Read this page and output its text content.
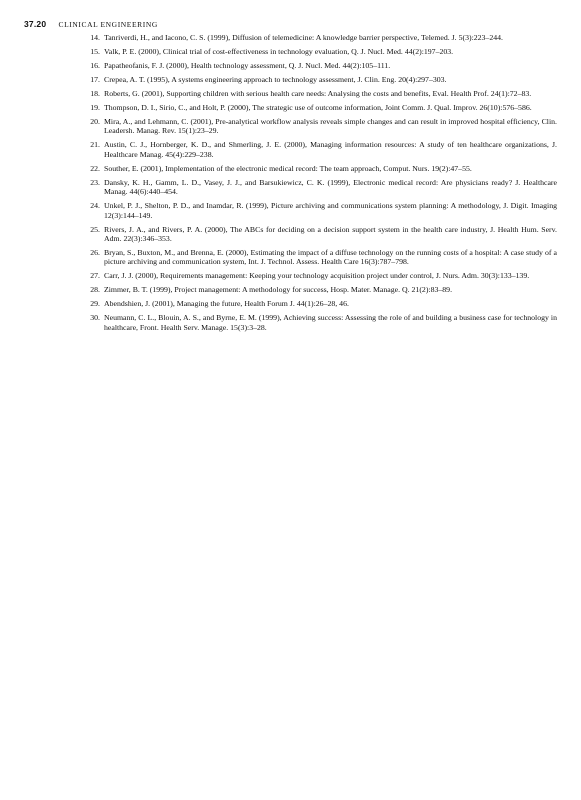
37.20 CLINICAL ENGINEERING
14. Tanriverdi, H., and Iacono, C. S. (1999), Diffusion of telemedicine: A knowledge barrier perspective, Telemed. J. 5(3):223–244.
15. Valk, P. E. (2000), Clinical trial of cost-effectiveness in technology evaluation, Q. J. Nucl. Med. 44(2):197–203.
16. Papatheofanis, F. J. (2000), Health technology assessment, Q. J. Nucl. Med. 44(2):105–111.
17. Crepea, A. T. (1995), A systems engineering approach to technology assessment, J. Clin. Eng. 20(4):297–303.
18. Roberts, G. (2001), Supporting children with serious health care needs: Analysing the costs and benefits, Eval. Health Prof. 24(1):72–83.
19. Thompson, D. I., Sirio, C., and Holt, P. (2000), The strategic use of outcome information, Joint Comm. J. Qual. Improv. 26(10):576–586.
20. Mira, A., and Lehmann, C. (2001), Pre-analytical workflow analysis reveals simple changes and can result in improved hospital efficiency, Clin. Leadersh. Manag. Rev. 15(1):23–29.
21. Austin, C. J., Hornberger, K. D., and Shmerling, J. E. (2000), Managing information resources: A study of ten healthcare organizations, J. Healthcare Manag. 45(4):229–238.
22. Souther, E. (2001), Implementation of the electronic medical record: The team approach, Comput. Nurs. 19(2):47–55.
23. Dansky, K. H., Gamm, L. D., Vasey, J. J., and Barsukiewicz, C. K. (1999), Electronic medical record: Are physicians ready? J. Healthcare Manag. 44(6):440–454.
24. Unkel, P. J., Shelton, P. D., and Inamdar, R. (1999), Picture archiving and communications system planning: A methodology, J. Digit. Imaging 12(3):144–149.
25. Rivers, J. A., and Rivers, P. A. (2000), The ABCs for deciding on a decision support system in the health care industry, J. Health Hum. Serv. Adm. 22(3):346–353.
26. Bryan, S., Buxton, M., and Brenna, E. (2000), Estimating the impact of a diffuse technology on the running costs of a hospital: A case study of a picture archiving and communication system, Int. J. Technol. Assess. Health Care 16(3):787–798.
27. Carr, J. J. (2000), Requirements management: Keeping your technology acquisition project under control, J. Nurs. Adm. 30(3):133–139.
28. Zimmer, B. T. (1999), Project management: A methodology for success, Hosp. Mater. Manage. Q. 21(2):83–89.
29. Abendshien, J. (2001), Managing the future, Health Forum J. 44(1):26–28, 46.
30. Neumann, C. L., Blouin, A. S., and Byrne, E. M. (1999), Achieving success: Assessing the role of and building a business case for technology in healthcare, Front. Health Serv. Manage. 15(3):3–28.
